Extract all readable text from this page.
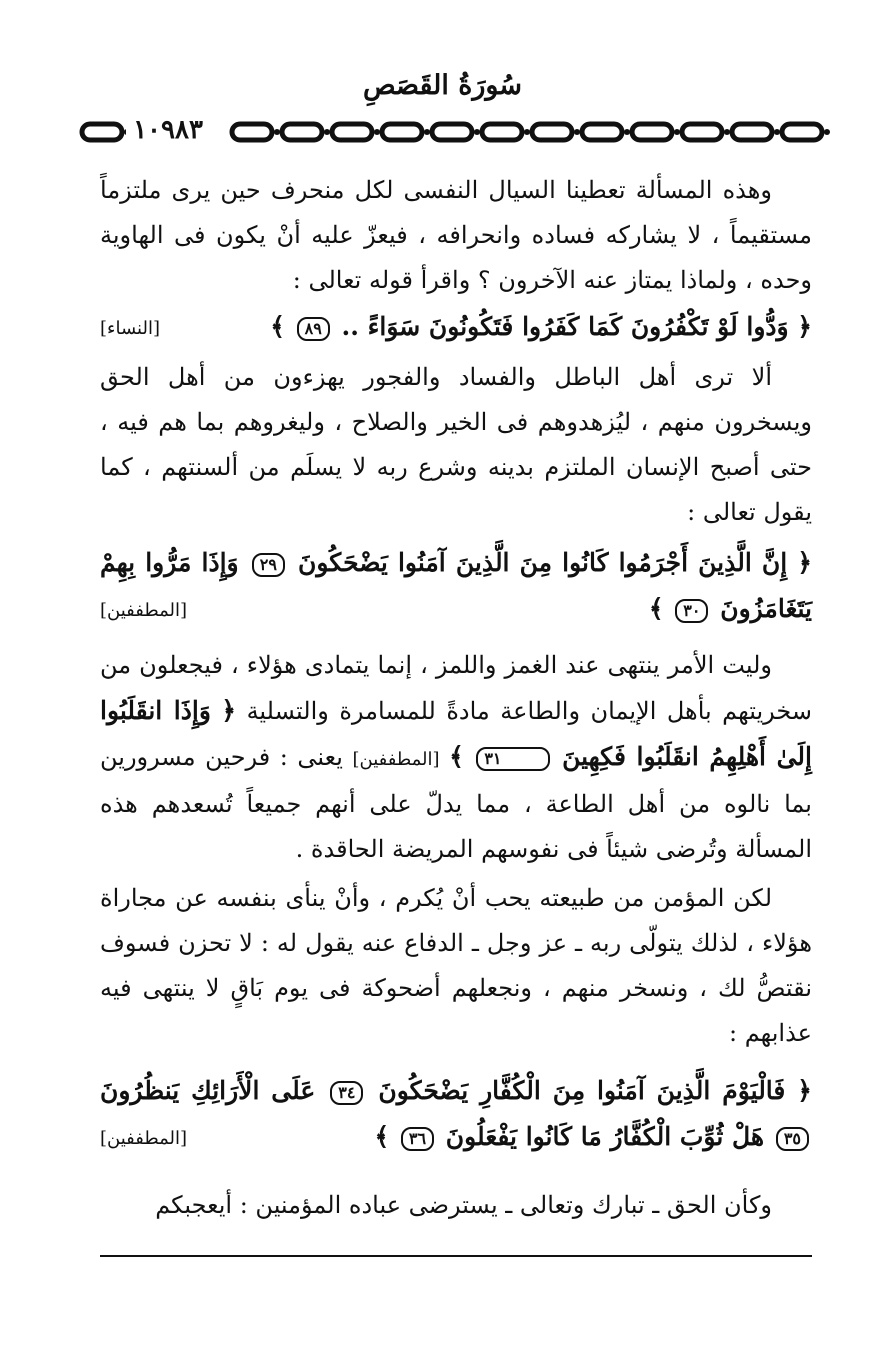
سُورَةُ القَصَصِ
١٠٩٨٣

وهذه المسألة تعطينا السيال النفسى لكل منحرف حين يرى ملتزماً مستقيماً ، لا يشاركه فساده وانحرافه ، فيعزّ عليه أنْ يكون فى الهاوية وحده ، ولماذا يمتاز عنه الآخرون ؟ واقرأ قوله تعالى :

﴿ وَدُّوا لَوْ تَكْفُرُونَ كَمَا كَفَرُوا فَتَكُونُونَ سَوَاءً .. ٨٩ ﴾
[النساء]

ألا ترى أهل الباطل والفساد والفجور يهزءون من أهل الحق ويسخرون منهم ، ليُزهدوهم فى الخير والصلاح ، وليغروهم بما هم فيه ، حتى أصبح الإنسان الملتزم بدينه وشرع ربه لا يسلَم من ألسنتهم ، كما يقول تعالى :

﴿ إِنَّ الَّذِينَ أَجْرَمُوا كَانُوا مِنَ الَّذِينَ آمَنُوا يَضْحَكُونَ ٢٩ وَإِذَا مَرُّوا بِهِمْ يَتَغَامَزُونَ ٣٠ ﴾
[المطففين]

وليت الأمر ينتهى عند الغمز واللمز ، إنما يتمادى هؤلاء ، فيجعلون من سخريتهم بأهل الإيمان والطاعة مادةً للمسامرة والتسلية ﴿ وَإِذَا انقَلَبُوا إِلَىٰ أَهْلِهِمُ انقَلَبُوا فَكِهِينَ ٣١ ﴾ [المطففين] يعنى : فرحين مسرورين بما نالوه من أهل الطاعة ، مما يدلّ على أنهم جميعاً تُسعدهم هذه المسألة وتُرضى شيئاً فى نفوسهم المريضة الحاقدة .

لكن المؤمن من طبيعته يحب أنْ يُكرم ، وأنْ ينأى بنفسه عن مجاراة هؤلاء ، لذلك يتولّى ربه ـ عز وجل ـ الدفاع عنه يقول له : لا تحزن فسوف نقتصُّ لك ، ونسخر منهم ، ونجعلهم أضحوكة فى يوم بَاقٍ لا ينتهى فيه عذابهم :

﴿ فَالْيَوْمَ الَّذِينَ آمَنُوا مِنَ الْكُفَّارِ يَضْحَكُونَ ٣٤ عَلَى الْأَرَائِكِ يَنظُرُونَ ٣٥ هَلْ ثُوِّبَ الْكُفَّارُ مَا كَانُوا يَفْعَلُونَ ٣٦ ﴾
[المطففين]

وكأن الحق ـ تبارك وتعالى ـ يسترضى عباده المؤمنين : أيعجبكم
